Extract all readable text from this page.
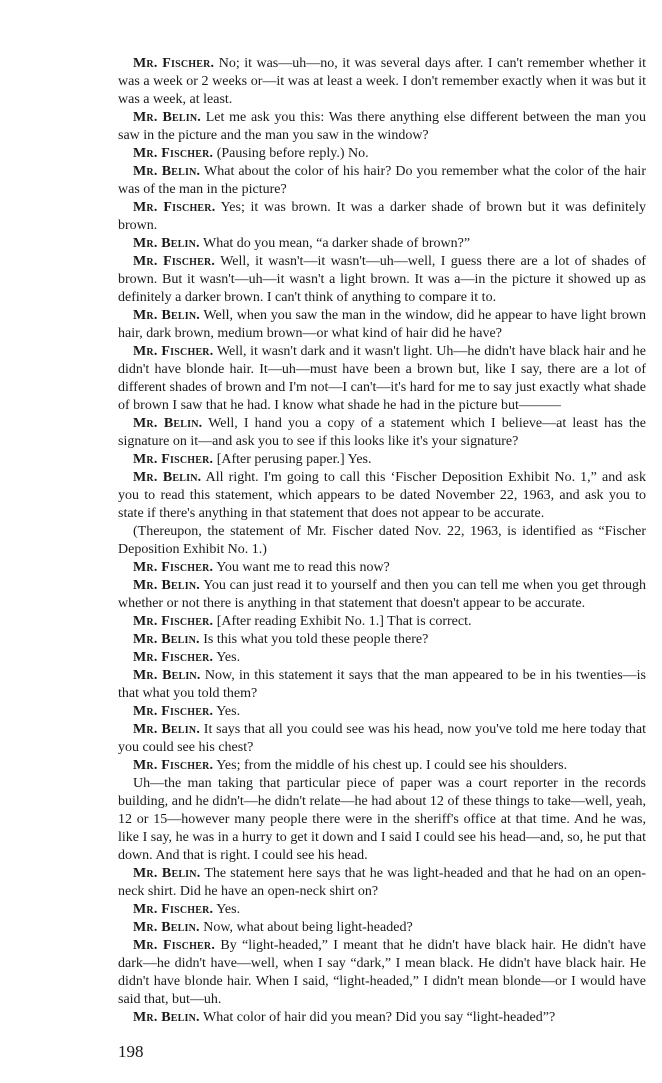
Mr. Fischer. No; it was—uh—no, it was several days after. I can't remember whether it was a week or 2 weeks or—it was at least a week. I don't remember exactly when it was but it was a week, at least.

Mr. Belin. Let me ask you this: Was there anything else different between the man you saw in the picture and the man you saw in the window?

Mr. Fischer. (Pausing before reply.) No.

Mr. Belin. What about the color of his hair? Do you remember what the color of the hair was of the man in the picture?

Mr. Fischer. Yes; it was brown. It was a darker shade of brown but it was definitely brown.

Mr. Belin. What do you mean, “a darker shade of brown?”

Mr. Fischer. Well, it wasn't—it wasn't—uh—well, I guess there are a lot of shades of brown. But it wasn't—uh—it wasn't a light brown. It was a—in the picture it showed up as definitely a darker brown. I can't think of anything to compare it to.

Mr. Belin. Well, when you saw the man in the window, did he appear to have light brown hair, dark brown, medium brown—or what kind of hair did he have?

Mr. Fischer. Well, it wasn't dark and it wasn't light. Uh—he didn't have black hair and he didn't have blonde hair. It—uh—must have been a brown but, like I say, there are a lot of different shades of brown and I'm not—I can't—it's hard for me to say just exactly what shade of brown I saw that he had. I know what shade he had in the picture but———

Mr. Belin. Well, I hand you a copy of a statement which I believe—at least has the signature on it—and ask you to see if this looks like it's your signature?

Mr. Fischer. [After perusing paper.] Yes.

Mr. Belin. All right. I'm going to call this ‘Fischer Deposition Exhibit No. 1,” and ask you to read this statement, which appears to be dated November 22, 1963, and ask you to state if there's anything in that statement that does not appear to be accurate.

(Thereupon, the statement of Mr. Fischer dated Nov. 22, 1963, is identified as “Fischer Deposition Exhibit No. 1.)

Mr. Fischer. You want me to read this now?

Mr. Belin. You can just read it to yourself and then you can tell me when you get through whether or not there is anything in that statement that doesn't appear to be accurate.

Mr. Fischer. [After reading Exhibit No. 1.] That is correct.

Mr. Belin. Is this what you told these people there?

Mr. Fischer. Yes.

Mr. Belin. Now, in this statement it says that the man appeared to be in his twenties—is that what you told them?

Mr. Fischer. Yes.

Mr. Belin. It says that all you could see was his head, now you've told me here today that you could see his chest?

Mr. Fischer. Yes; from the middle of his chest up. I could see his shoulders.

Uh—the man taking that particular piece of paper was a court reporter in the records building, and he didn't—he didn't relate—he had about 12 of these things to take—well, yeah, 12 or 15—however many people there were in the sheriff's office at that time. And he was, like I say, he was in a hurry to get it down and I said I could see his head—and, so, he put that down. And that is right. I could see his head.

Mr. Belin. The statement here says that he was light-headed and that he had on an open-neck shirt. Did he have an open-neck shirt on?

Mr. Fischer. Yes.

Mr. Belin. Now, what about being light-headed?

Mr. Fischer. By “light-headed,” I meant that he didn't have black hair. He didn't have dark—he didn't have—well, when I say “dark,” I mean black. He didn't have black hair. He didn't have blonde hair. When I said, “light-headed,” I didn't mean blonde—or I would have said that, but—uh.

Mr. Belin. What color of hair did you mean? Did you say “light-headed”?

198
